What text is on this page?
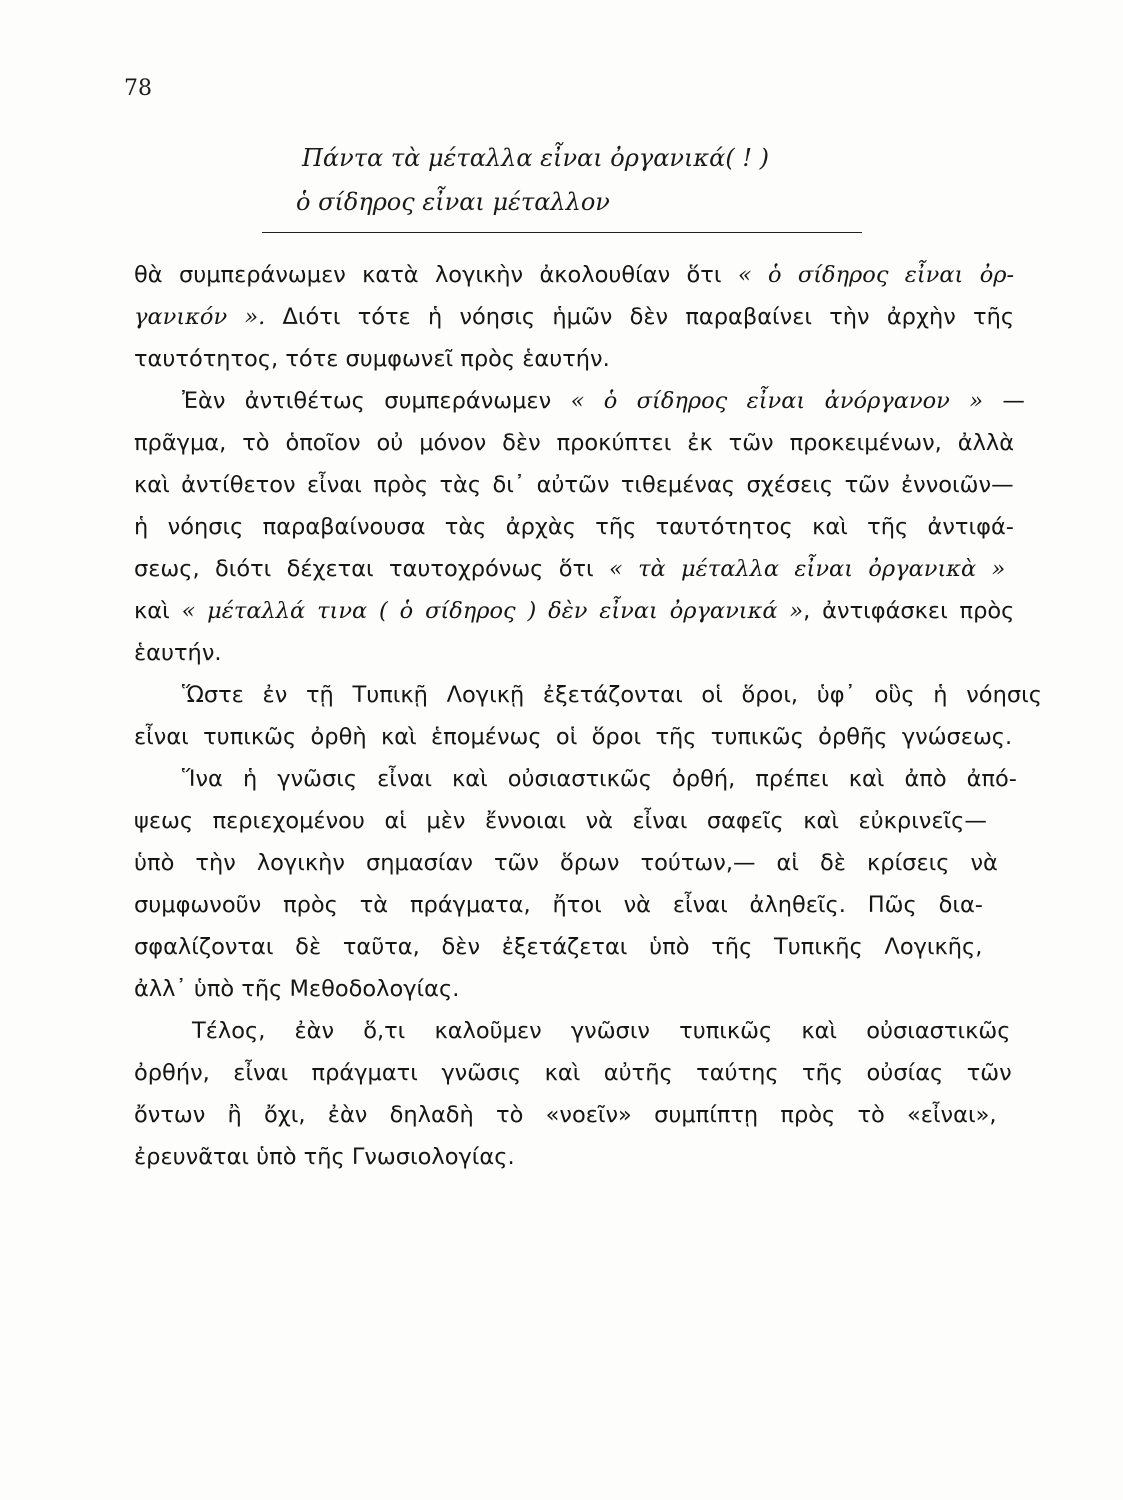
78
Πάντα τὰ μέταλλα εἶναι ὀργανικά( ! )
ὁ σίδηρος εἶναι μέταλλον
θὰ συμπεράνωμεν κατὰ λογικὴν ἀκολουθίαν ὅτι « ὁ σίδηρος εἶναι ὀρ-
γανικόν ». Διότι τότε ἡ νόησις ἡμῶν δὲν παραβαίνει τὴν ἀρχὴν τῆς
ταυτότητος, τότε συμφωνεῖ πρὸς ἑαυτήν.
Ἐὰν ἀντιθέτως συμπεράνωμεν « ὁ σίδηρος εἶναι ἀνόργανον » —
πρᾶγμα, τὸ ὁποῖον οὐ μόνον δὲν προκύπτει ἐκ τῶν προκειμένων, ἀλλὰ
καὶ ἀντίθετον εἶναι πρὸς τὰς δι᾽ αὐτῶν τιθεμένας σχέσεις τῶν ἐννοιῶν—
ἡ νόησις παραβαίνουσα τὰς ἀρχὰς τῆς ταυτότητος καὶ τῆς ἀντιφά-
σεως, διότι δέχεται ταυτοχρόνως ὅτι « τὰ μέταλλα εἶναι ὀργανικὰ »
καὶ « μέταλλά τινα ( ὁ σίδηρος ) δὲν εἶναι ὀργανικά », ἀντιφάσκει πρὸς
ἑαυτήν.
Ὥστε ἐν τῇ Τυπικῇ Λογικῇ ἐξετάζονται οἱ ὅροι, ὑφ᾽ οὓς ἡ νόησις
εἶναι τυπικῶς ὀρθὴ καὶ ἑπομένως οἱ ὅροι τῆς τυπικῶς ὀρθῆς γνώσεως.
Ἵνα ἡ γνῶσις εἶναι καὶ οὐσιαστικῶς ὀρθή, πρέπει καὶ ἀπὸ ἀπό-
ψεως περιεχομένου αἱ μὲν ἔννοιαι νὰ εἶναι σαφεῖς καὶ εὐκρινεῖς—
ὑπὸ τὴν λογικὴν σημασίαν τῶν ὅρων τούτων,— αἱ δὲ κρίσεις νὰ
συμφωνοῦν πρὸς τὰ πράγματα, ἤτοι νὰ εἶναι ἀληθεῖς. Πῶς δια-
σφαλίζονται δὲ ταῦτα, δὲν ἐξετάζεται ὑπὸ τῆς Τυπικῆς Λογικῆς,
ἀλλ᾽ ὑπὸ τῆς Μεθοδολογίας.
Τέλος, ἐὰν ὅ,τι καλοῦμεν γνῶσιν τυπικῶς καὶ οὐσιαστικῶς
ὀρθήν, εἶναι πράγματι γνῶσις καὶ αὐτῆς ταύτης τῆς οὐσίας τῶν
ὄντων ἢ ὄχι, ἐὰν δηλαδὴ τὸ «νοεῖν» συμπίπτῃ πρὸς τὸ «εἶναι»,
ἐρευνᾶται ὑπὸ τῆς Γνωσιολογίας.
